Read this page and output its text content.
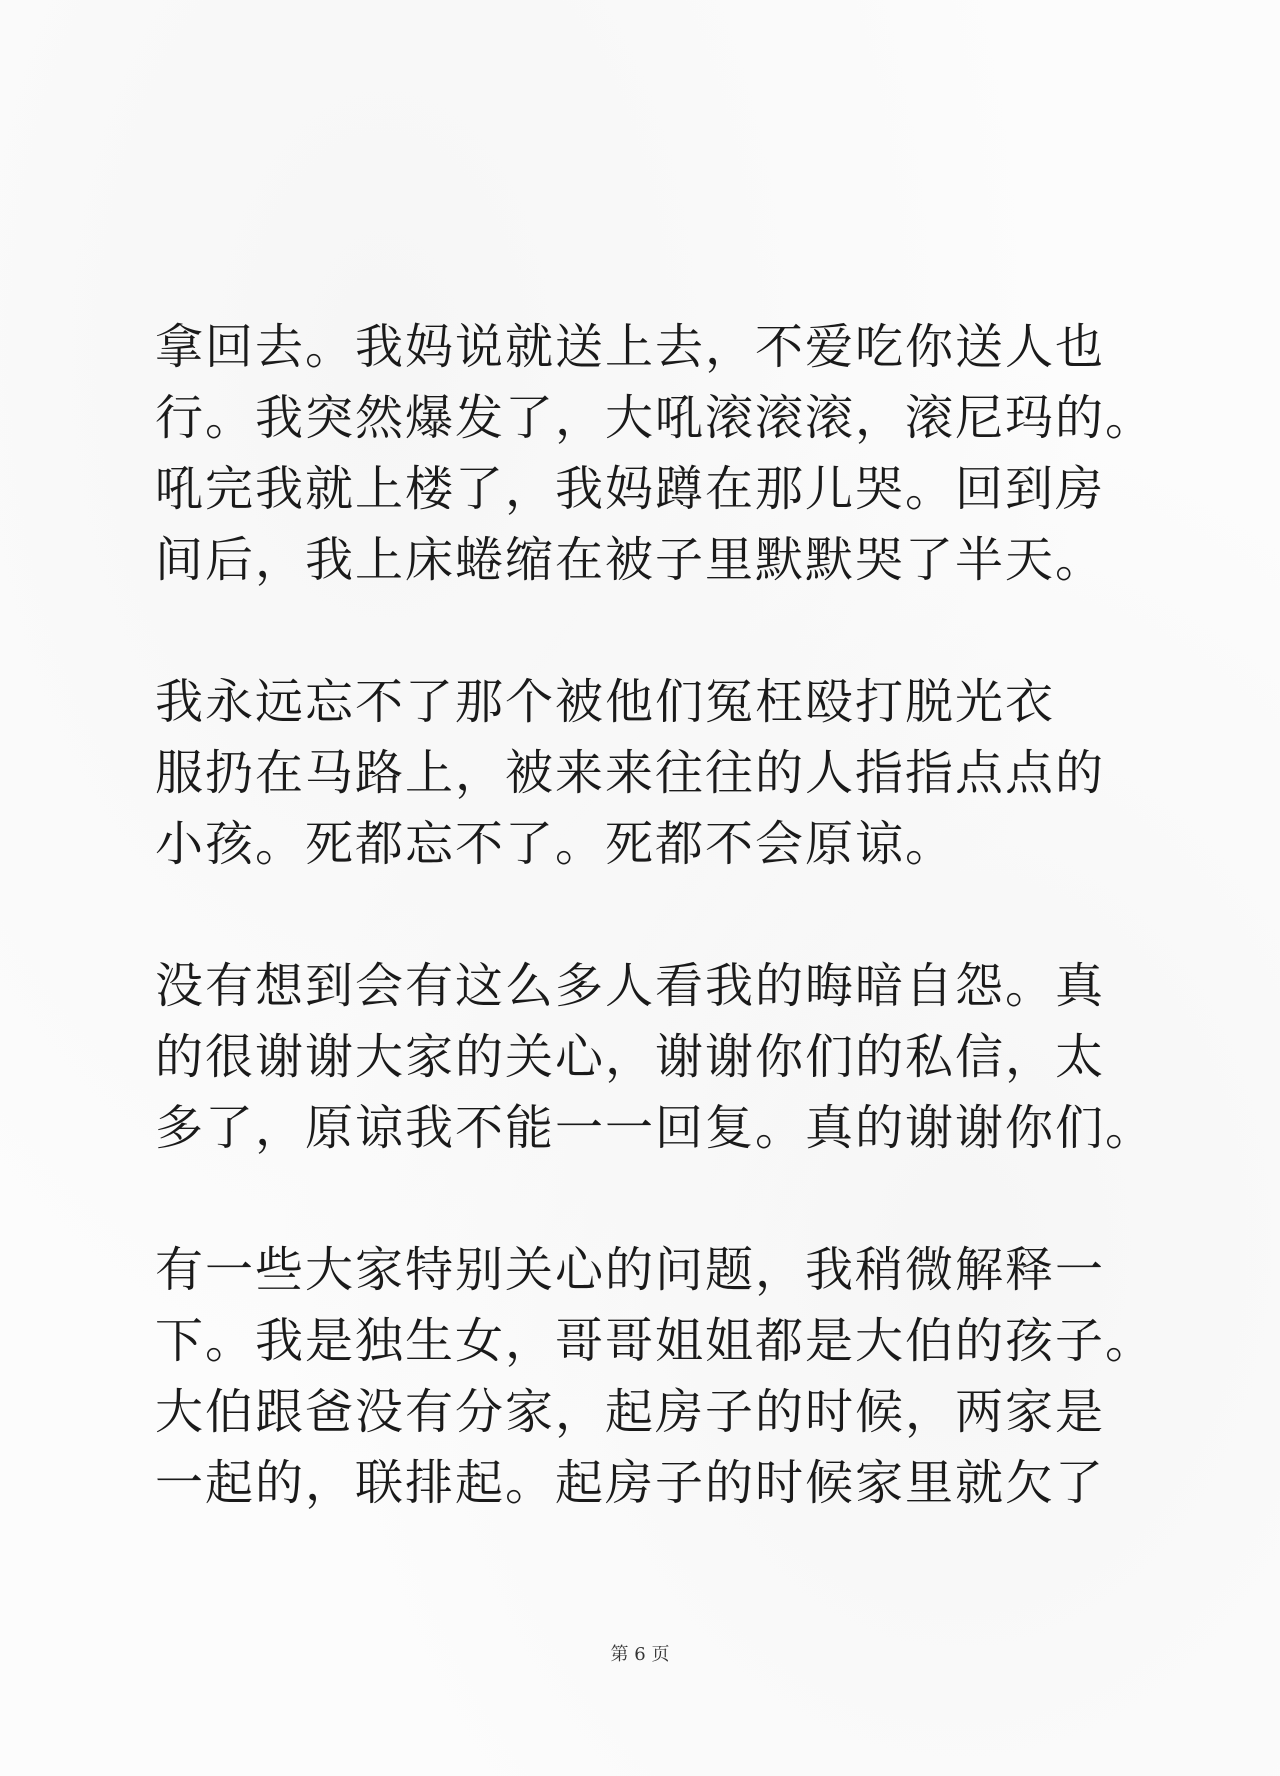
拿回去。我妈说就送上去，不爱吃你送人也
行。我突然爆发了，大吼滚滚滚，滚尼玛的。
吼完我就上楼了，我妈蹲在那儿哭。回到房
间后，我上床蜷缩在被子里默默哭了半天。

我永远忘不了那个被他们冤枉殴打脱光衣
服扔在马路上，被来来往往的人指指点点的
小孩。死都忘不了。死都不会原谅。

没有想到会有这么多人看我的晦暗自怨。真
的很谢谢大家的关心，谢谢你们的私信，太
多了，原谅我不能一一回复。真的谢谢你们。

有一些大家特别关心的问题，我稍微解释一
下。我是独生女，哥哥姐姐都是大伯的孩子。
大伯跟爸没有分家，起房子的时候，两家是
一起的，联排起。起房子的时候家里就欠了

第 6 页
